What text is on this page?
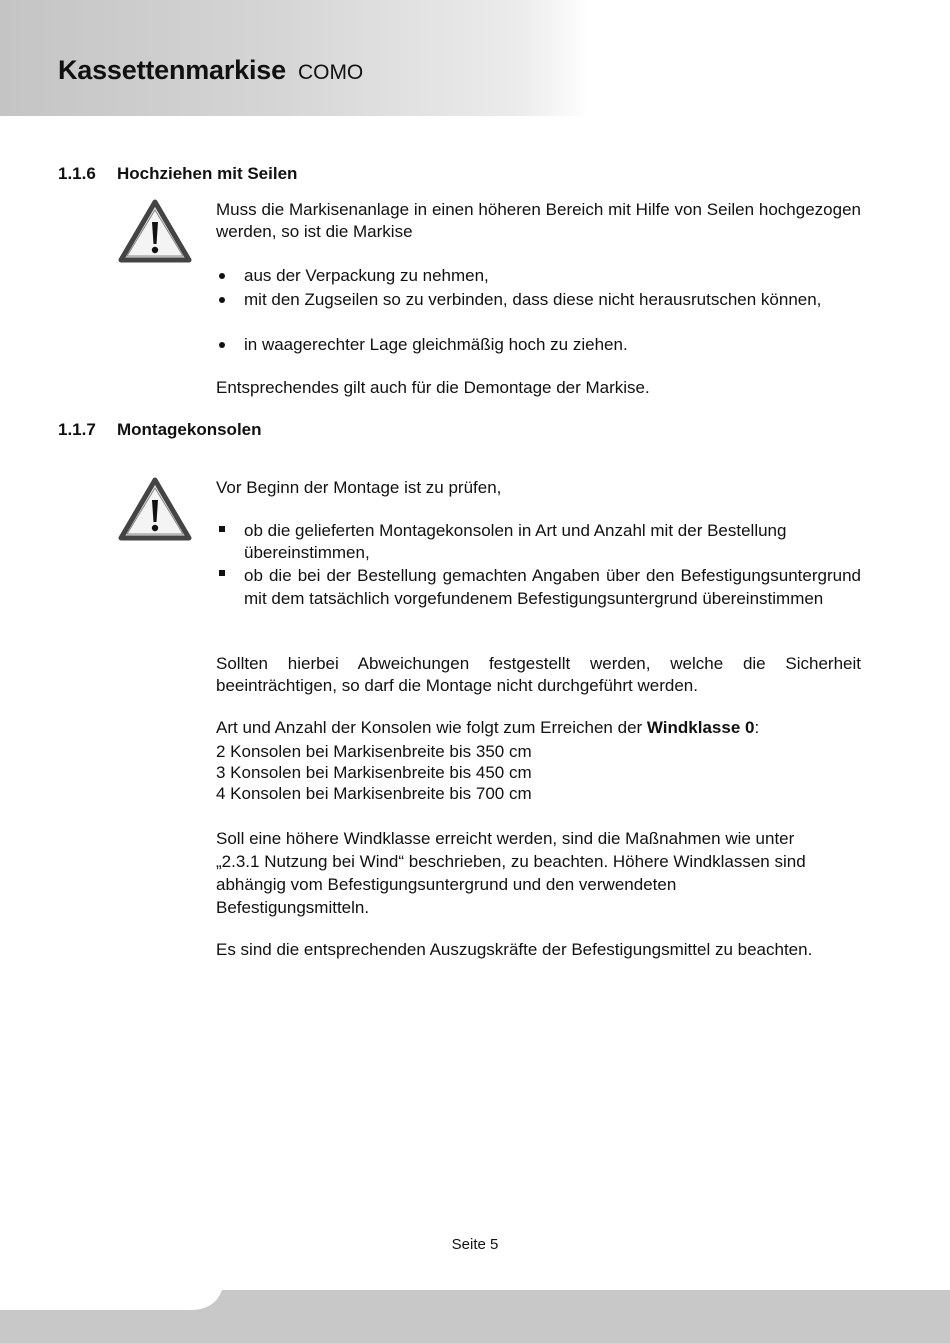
Kassettenmarkise COMO
1.1.6 Hochziehen mit Seilen
Muss die Markisenanlage in einen höheren Bereich mit Hilfe von Seilen hochgezogen werden, so ist die Markise
aus der Verpackung zu nehmen,
mit den Zugseilen so zu verbinden, dass diese nicht herausrutschen können,
in waagerechter Lage gleichmäßig hoch zu ziehen.
Entsprechendes gilt auch für die Demontage der Markise.
1.1.7 Montagekonsolen
Vor Beginn der Montage ist zu prüfen,
ob die gelieferten Montagekonsolen in Art und Anzahl mit der Bestellung übereinstimmen,
ob die bei der Bestellung gemachten Angaben über den Befestigungsuntergrund mit dem tatsächlich vorgefundenem Befestigungsuntergrund übereinstimmen
Sollten hierbei Abweichungen festgestellt werden, welche die Sicherheit beeinträchtigen, so darf die Montage nicht durchgeführt werden.
Art und Anzahl der Konsolen wie folgt zum Erreichen der Windklasse 0:
2 Konsolen bei Markisenbreite bis 350 cm
3 Konsolen bei Markisenbreite bis 450 cm
4 Konsolen bei Markisenbreite bis 700 cm
Soll eine höhere Windklasse erreicht werden, sind die Maßnahmen wie unter „2.3.1 Nutzung bei Wind“ beschrieben, zu beachten. Höhere Windklassen sind abhängig vom Befestigungsuntergrund und den verwendeten Befestigungsmitteln.
Es sind die entsprechenden Auszugskräfte der Befestigungsmittel zu beachten.
Seite 5
